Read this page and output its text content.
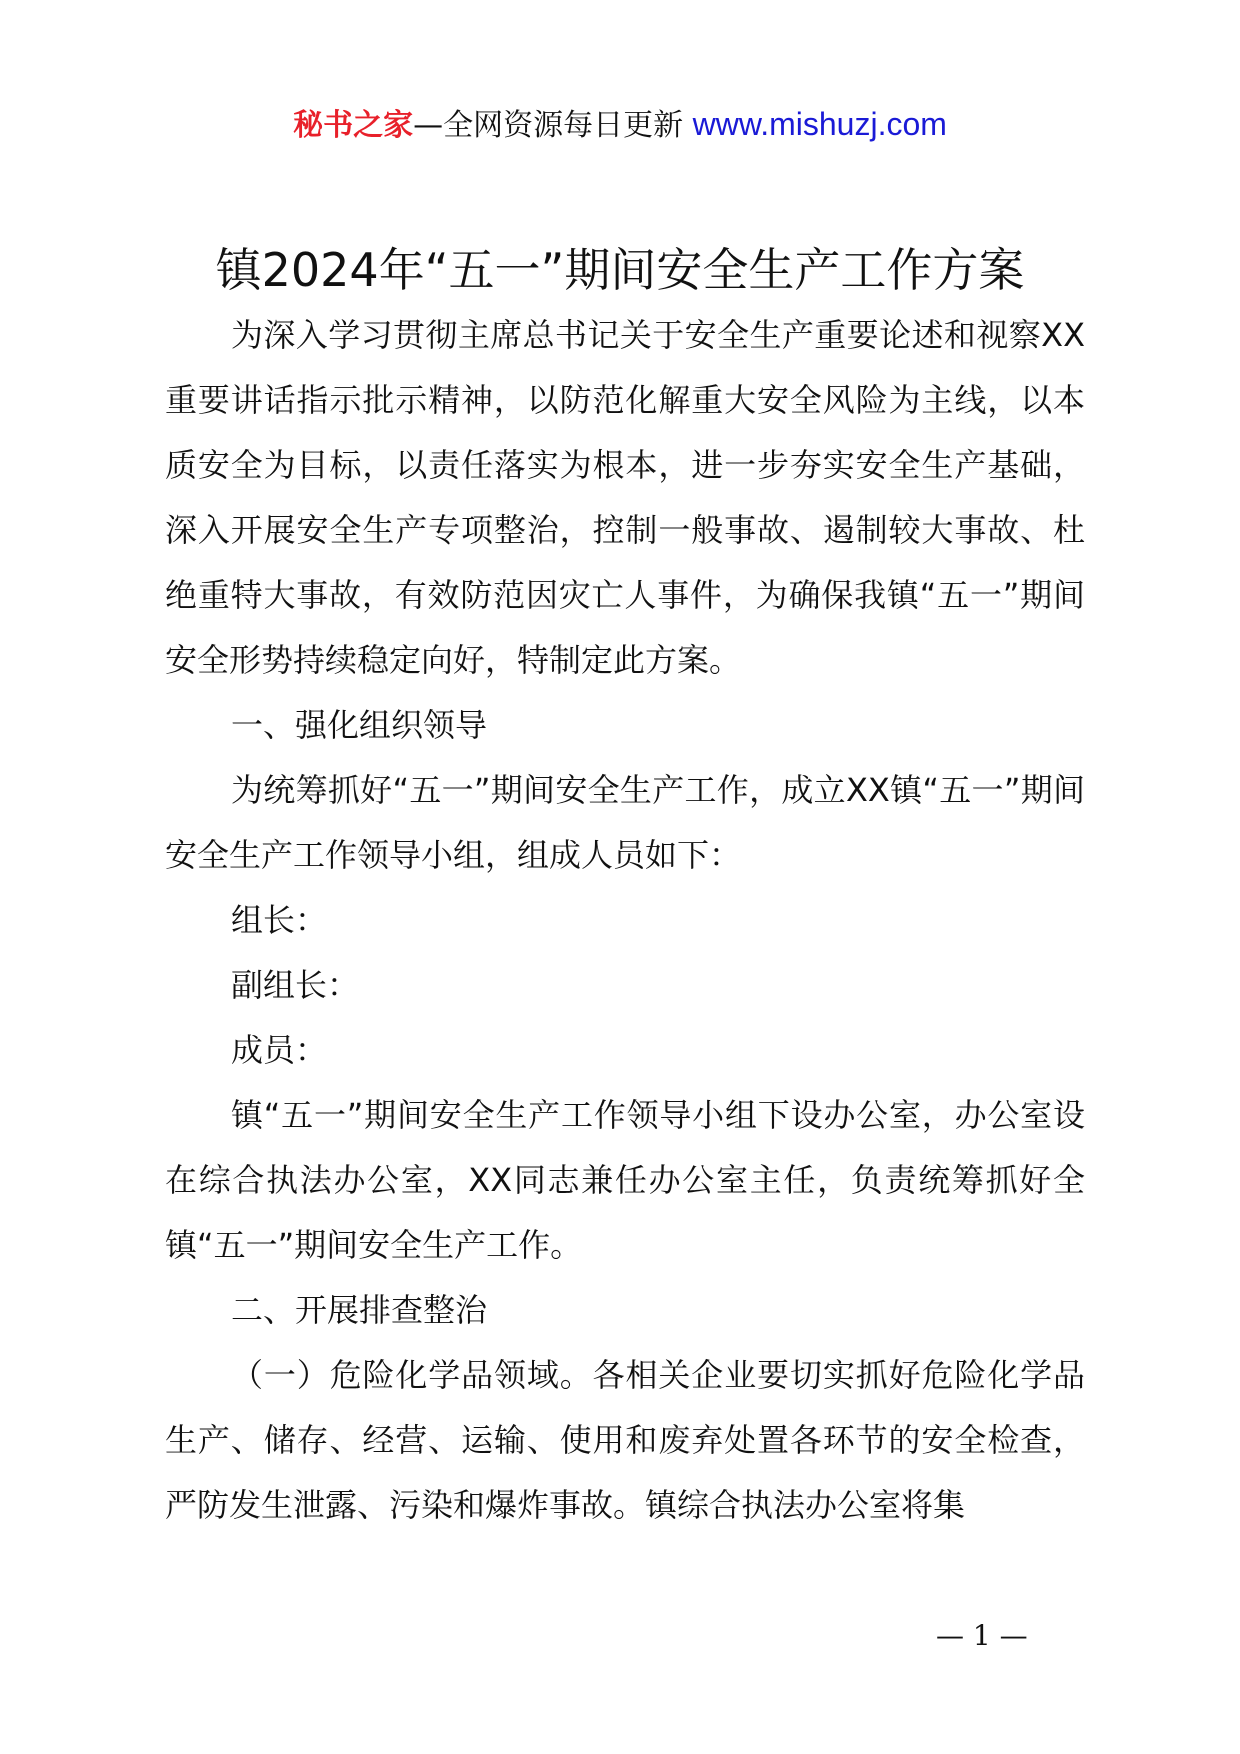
秘书之家—全网资源每日更新 www.mishuzj.com
镇2024年“五一”期间安全生产工作方案

为深入学习贯彻主席总书记关于安全生产重要论述和视察XX重要讲话指示批示精神，以防范化解重大安全风险为主线，以本质安全为目标，以责任落实为根本，进一步夯实安全生产基础，深入开展安全生产专项整治，控制一般事故、遏制较大事故、杜绝重特大事故，有效防范因灾亡人事件，为确保我镇“五一”期间安全形势持续稳定向好，特制定此方案。

一、强化组织领导

为统筹抓好“五一”期间安全生产工作，成立XX镇“五一”期间安全生产工作领导小组，组成人员如下：

组长：

副组长：

成员：

镇“五一”期间安全生产工作领导小组下设办公室，办公室设在综合执法办公室，XX同志兼任办公室主任，负责统筹抓好全镇“五一”期间安全生产工作。

二、开展排查整治

（一）危险化学品领域。各相关企业要切实抓好危险化学品生产、储存、经营、运输、使用和废弃处置各环节的安全检查，严防发生泄露、污染和爆炸事故。镇综合执法办公室将集

— 1 —
